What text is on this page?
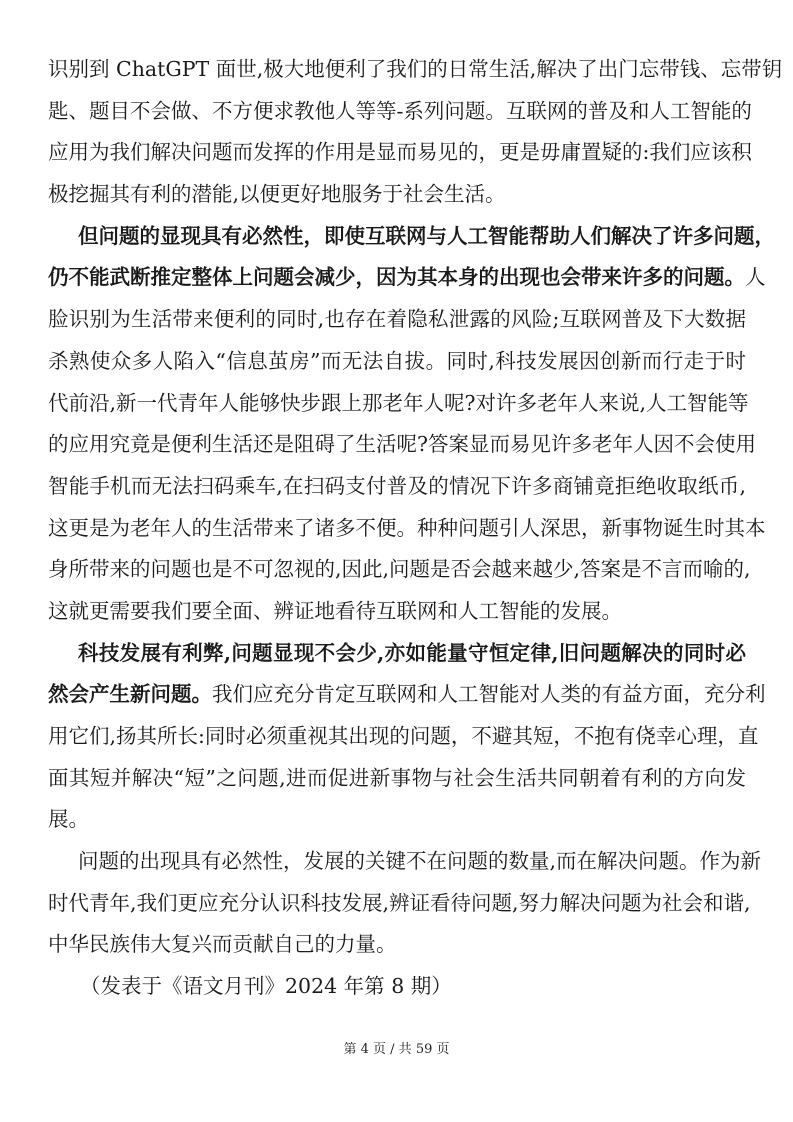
识别到 ChatGPT 面世,极大地便利了我们的日常生活,解决了出门忘带钱、忘带钥
匙、题目不会做、不方便求教他人等等-系列问题。互联网的普及和人工智能的
应用为我们解决问题而发挥的作用是显而易见的，更是毋庸置疑的:我们应该积
极挖掘其有利的潜能,以便更好地服务于社会生活。
但问题的显现具有必然性，即使互联网与人工智能帮助人们解决了许多问题，
仍不能武断推定整体上问题会减少，因为其本身的出现也会带来许多的问题。人
脸识别为生活带来便利的同时,也存在着隐私泄露的风险;互联网普及下大数据
杀熟使众多人陷入“信息茧房”而无法自拔。同时,科技发展因创新而行走于时
代前沿,新一代青年人能够快步跟上那老年人呢?对许多老年人来说,人工智能等
的应用究竟是便利生活还是阻碍了生活呢?答案显而易见许多老年人因不会使用
智能手机而无法扫码乘车,在扫码支付普及的情况下许多商铺竟拒绝收取纸币,
这更是为老年人的生活带来了诸多不便。种种问题引人深思，新事物诞生时其本
身所带来的问题也是不可忽视的,因此,问题是否会越来越少,答案是不言而喻的,
这就更需要我们要全面、辨证地看待互联网和人工智能的发展。
科技发展有利弊,问题显现不会少,亦如能量守恒定律,旧问题解决的同时必
然会产生新问题。我们应充分肯定互联网和人工智能对人类的有益方面，充分利
用它们,扬其所长:同时必须重视其出现的问题，不避其短，不抱有侥幸心理，直
面其短并解决“短”之问题,进而促进新事物与社会生活共同朝着有利的方向发
展。
问题的出现具有必然性，发展的关键不在问题的数量,而在解决问题。作为新
时代青年,我们更应充分认识科技发展,辨证看待问题,努力解决问题为社会和谐,
中华民族伟大复兴而贡献自己的力量。
（发表于《语文月刊》2024 年第 8 期）
第 4 页 / 共 59 页
